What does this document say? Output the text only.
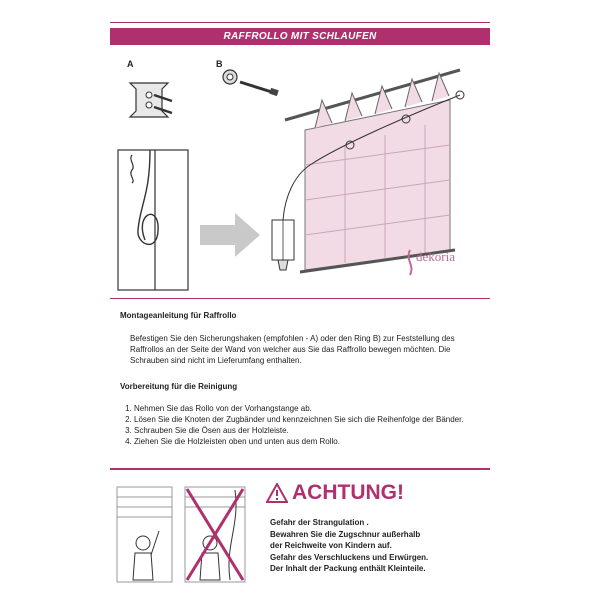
RAFFROLLO MIT SCHLAUFEN
A	B
dekoria
Montageanleitung für Raffrollo
Befestigen Sie den Sicherungshaken (empfohlen - A) oder den Ring B) zur Feststellung des Raffrollos an der Seite der Wand von welcher aus Sie das Raffrollo bewegen möchten. Die Schrauben sind nicht im Lieferumfang enthalten.
Vorbereitung für die Reinigung
1. Nehmen Sie das Rollo von der Vorhangstange ab.
2. Lösen Sie die Knoten der Zugbänder und kennzeichnen Sie sich die Reihenfolge der Bänder.
3. Schrauben Sie die Ösen aus der Holzleiste.
4. Ziehen Sie die Holzleisten oben und unten aus dem Rollo.
ACHTUNG!
Gefahr der Strangulation .
Bewahren Sie die Zugschnur außerhalb
der Reichweite von Kindern auf.
Gefahr des Verschluckens und Erwürgen.
Der Inhalt der Packung enthält Kleinteile.
